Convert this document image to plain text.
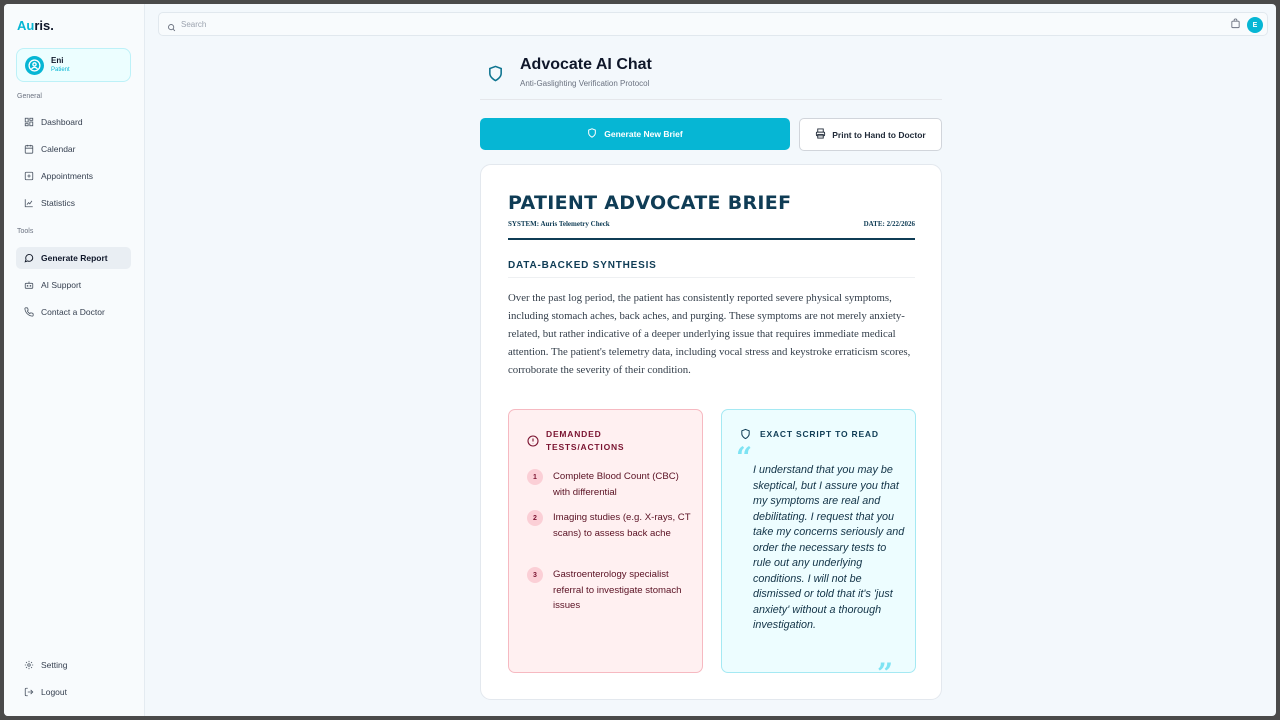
Auris.
Eni
Patient
General
Dashboard
Calendar
Appointments
Statistics
Tools
Generate Report
AI Support
Contact a Doctor
Setting
Logout
Search
E
Advocate AI Chat
Anti-Gaslighting Verification Protocol
Generate New Brief	Print to Hand to Doctor
PATIENT ADVOCATE BRIEF
SYSTEM: Auris Telemetry Check	DATE: 2/22/2026
DATA-BACKED SYNTHESIS

Over the past log period, the patient has consistently reported severe physical symptoms, including stomach aches, back aches, and purging. These symptoms are not merely anxiety-related, but rather indicative of a deeper underlying issue that requires immediate medical attention. The patient's telemetry data, including vocal stress and keystroke erraticism scores, corroborate the severity of their condition.

DEMANDED TESTS/ACTIONS
1	Complete Blood Count (CBC) with differential
2	Imaging studies (e.g. X-rays, CT scans) to assess back ache
3	Gastroenterology specialist referral to investigate stomach issues
EXACT SCRIPT TO READ
“ I understand that you may be skeptical, but I assure you that my symptoms are real and debilitating. I request that you take my concerns seriously and order the necessary tests to rule out any underlying conditions. I will not be dismissed or told that it's 'just anxiety' without a thorough investigation.

”
